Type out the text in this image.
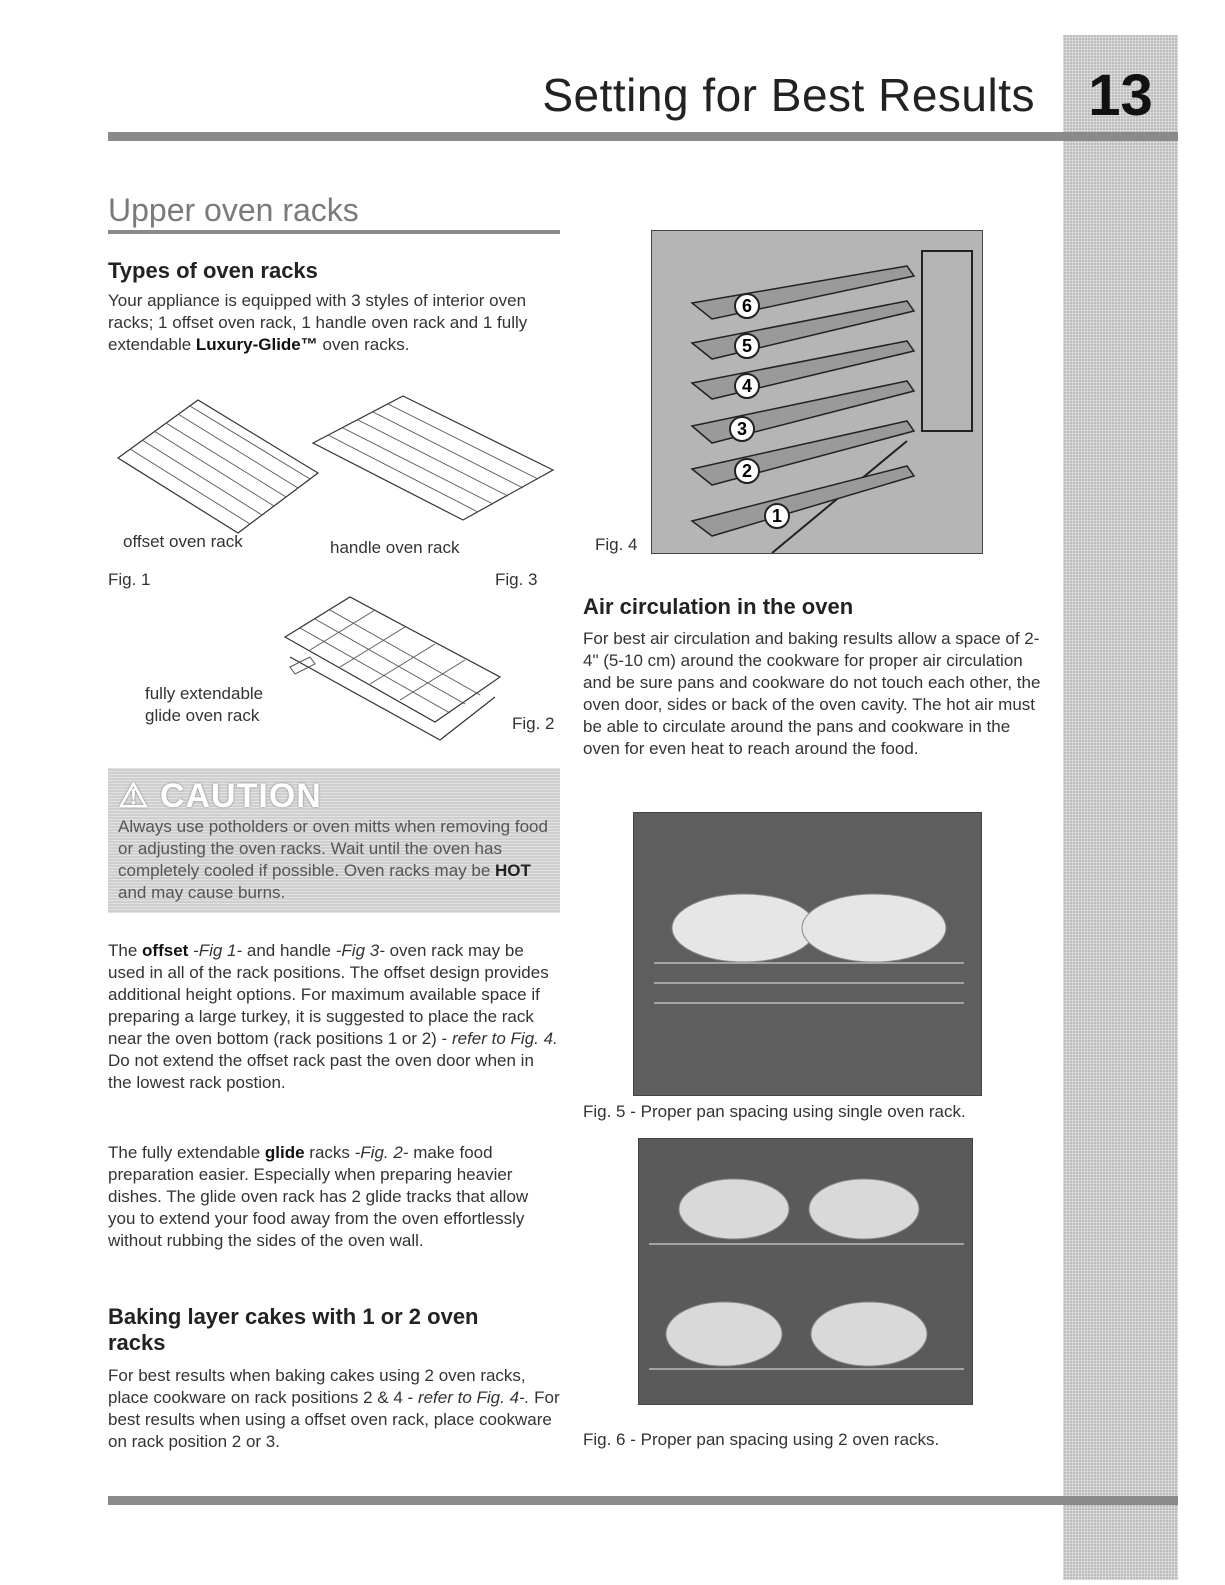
13
Setting for Best Results
Upper oven racks
Types of oven racks
Your appliance is equipped with 3 styles of interior oven racks; 1 offset oven rack, 1 handle oven rack and 1 fully extendable Luxury-Glide™ oven racks.
offset oven rack	handle oven rack
Fig. 1	Fig. 3
fully extendable
glide oven rack	Fig. 2
⚠ CAUTION
Always use potholders or oven mitts when removing food or adjusting the oven racks. Wait until the oven has completely cooled if possible. Oven racks may be HOT and may cause burns.
The offset -Fig 1- and handle -Fig 3- oven rack may be used in all of the rack positions. The offset design provides additional height options. For maximum available space if preparing a large turkey, it is suggested to place the rack near the oven bottom (rack positions 1 or 2) - refer to Fig. 4. Do not extend the offset rack past the oven door when in the lowest rack postion.
The fully extendable glide racks -Fig. 2- make food preparation easier. Especially when preparing heavier dishes. The glide oven rack has 2 glide tracks that allow you to extend your food away from the oven effortlessly without rubbing the sides of the oven wall.
Baking layer cakes with 1 or 2 oven racks
For best results when baking cakes using 2 oven racks, place cookware on rack positions 2 & 4 - refer to Fig. 4-. For best results when using a offset oven rack, place cookware on rack position 2 or 3.
6
5
4
3
2
1
Fig. 4
Air circulation in the oven
For best air circulation and baking results allow a space of 2-4" (5-10 cm) around the cookware for proper air circulation and be sure pans and cookware do not touch each other, the oven door, sides or back of the oven cavity. The hot air must be able to circulate around the pans and cookware in the oven for even heat to reach around the food.
Fig. 5 - Proper pan spacing using single oven rack.
Fig. 6 - Proper pan spacing using 2 oven racks.
